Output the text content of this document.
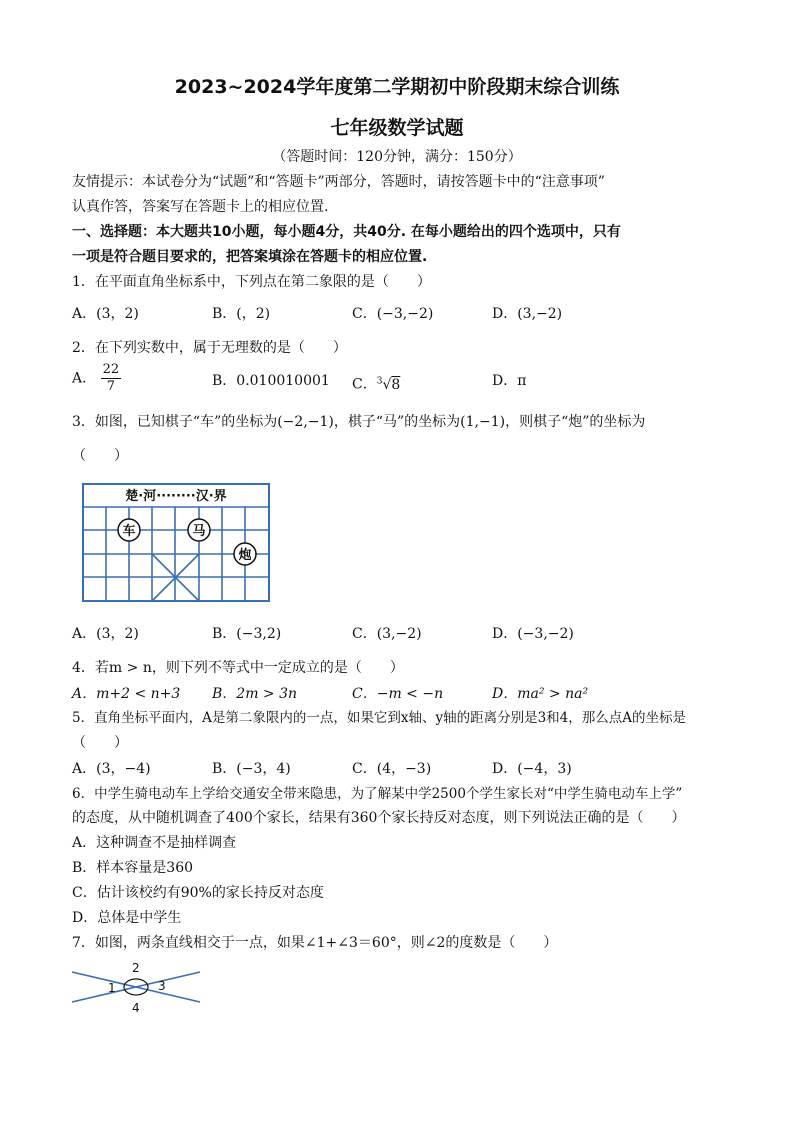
2023~2024学年度第二学期初中阶段期末综合训练
七年级数学试题
（答题时间：120分钟，满分：150分）
友情提示：本试卷分为“试题”和“答题卡”两部分，答题时，请按答题卡中的“注意事项”
认真作答，答案写在答题卡上的相应位置.
一、选择题：本大题共10小题，每小题4分，共40分. 在每小题给出的四个选项中，只有
一项是符合题目要求的，把答案填涂在答题卡的相应位置.
1．在平面直角坐标系中，下列点在第二象限的是（　　）
A．(3，2)	B．(，2)	C．(−3,−2)	D．(3,−2)
2．在下列实数中，属于无理数的是（　　）
A． $\frac{22}{7}$	B．0.010010001 C．$^3$√8	D．π
3．如图，已知棋子“车”的坐标为(−2,−1)，棋子“马”的坐标为(1,−1)，则棋子“炮”的坐标为
（　　）
楚·河········汉·界
车	马
炮
A．(3，2)	B．(−3,2)	C．(3,−2)	D．(−3,−2)
4．若m > n，则下列不等式中一定成立的是（　　）
A．m+2 < n+3 B．2m > 3n	C．−m < −n	D．ma² > na²
5．直角坐标平面内，A是第二象限内的一点，如果它到x轴、y轴的距离分别是3和4，那么点A的坐标是
（　　）
A．(3，−4)	B．(−3，4)	C．(4，−3)	D．(−4，3)
6．中学生骑电动车上学给交通安全带来隐患，为了解某中学2500个学生家长对“中学生骑电动车上学”
的态度，从中随机调查了400个家长，结果有360个家长持反对态度，则下列说法正确的是（　　）
A．这种调查不是抽样调查
B．样本容量是360
C．估计该校约有90%的家长持反对态度
D．总体是中学生
7．如图，两条直线相交于一点，如果∠1+∠3＝60°，则∠2的度数是（　　）
1
2
3
4
